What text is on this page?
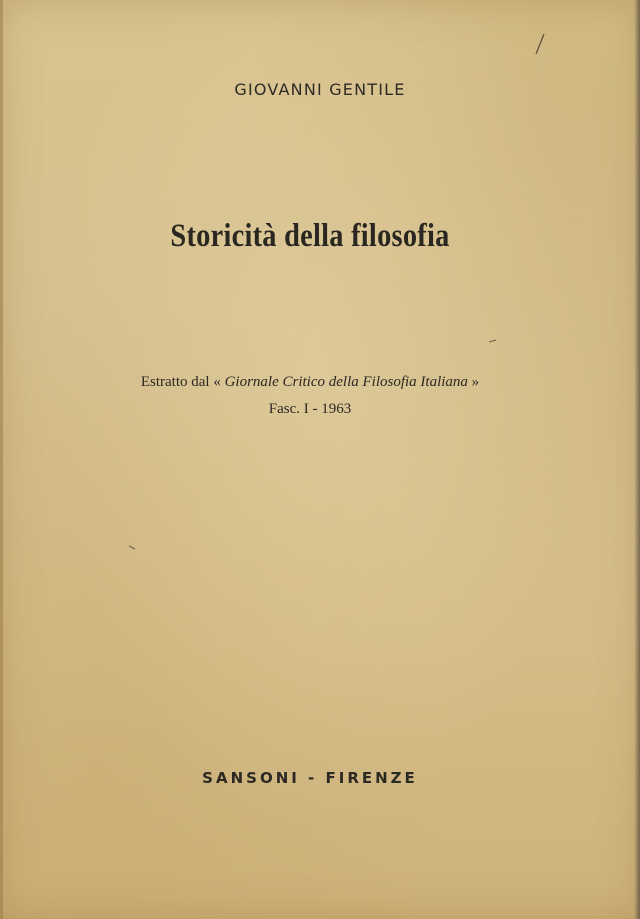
GIOVANNI GENTILE
Storicità della filosofia
Estratto dal « Giornale Critico della Filosofia Italiana »
Fasc. I - 1963
SANSONI - FIRENZE
